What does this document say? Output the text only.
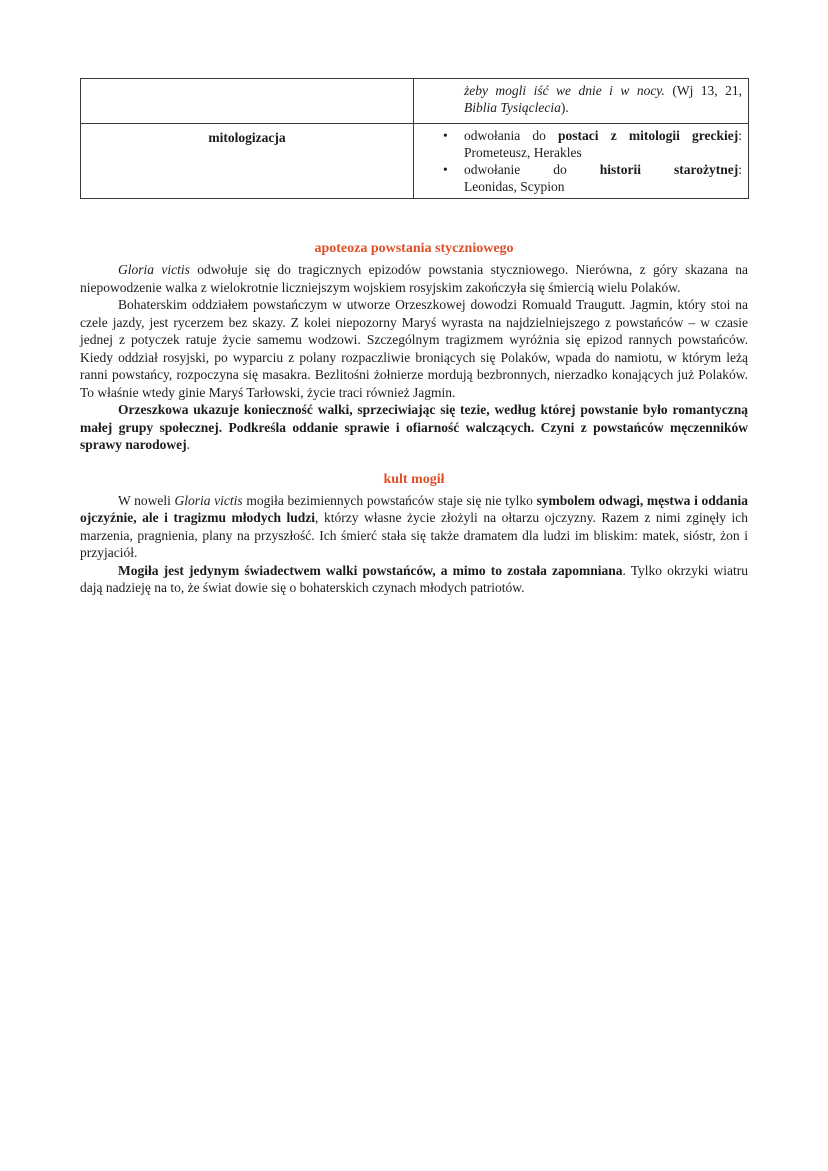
	żeby mogli iść we dnie i w nocy. (Wj 13, 21,
Biblia Tysiąclecia).

mitologizacja	•	odwołania do postaci z mitologii greckiej:
Prometeusz, Herakles
•	odwołanie do historii starożytnej:
Leonidas, Scypion
apoteoza powstania styczniowego

Gloria victis odwołuje się do tragicznych epizodów powstania styczniowego. Nierówna, z góry skazana na niepowodzenie walka z wielokrotnie liczniejszym wojskiem rosyjskim zakończyła się śmiercią wielu Polaków.

Bohaterskim oddziałem powstańczym w utworze Orzeszkowej dowodzi Romuald Traugutt. Jagmin, który stoi na czele jazdy, jest rycerzem bez skazy. Z kolei niepozorny Maryś wyrasta na najdzielniejszego z powstańców – w czasie jednej z potyczek ratuje życie samemu wodzowi. Szczególnym tragizmem wyróżnia się epizod rannych powstańców. Kiedy oddział rosyjski, po wyparciu z polany rozpaczliwie broniących się Polaków, wpada do namiotu, w którym leżą ranni powstańcy, rozpoczyna się masakra. Bezlitośni żołnierze mordują bezbronnych, nierzadko konających już Polaków. To właśnie wtedy ginie Maryś Tarłowski, życie traci również Jagmin.

Orzeszkowa ukazuje konieczność walki, sprzeciwiając się tezie, według której powstanie było romantyczną małej grupy społecznej. Podkreśla oddanie sprawie i ofiarność walczących. Czyni z powstańców męczenników sprawy narodowej.

kult mogił

W noweli Gloria victis mogiła bezimiennych powstańców staje się nie tylko symbolem odwagi, męstwa i oddania ojczyźnie, ale i tragizmu młodych ludzi, którzy własne życie złożyli na ołtarzu ojczyzny. Razem z nimi zginęły ich marzenia, pragnienia, plany na przyszłość. Ich śmierć stała się także dramatem dla ludzi im bliskim: matek, sióstr, żon i przyjaciół.

Mogiła jest jedynym świadectwem walki powstańców, a mimo to została zapomniana. Tylko okrzyki wiatru dają nadzieję na to, że świat dowie się o bohaterskich czynach młodych patriotów.
